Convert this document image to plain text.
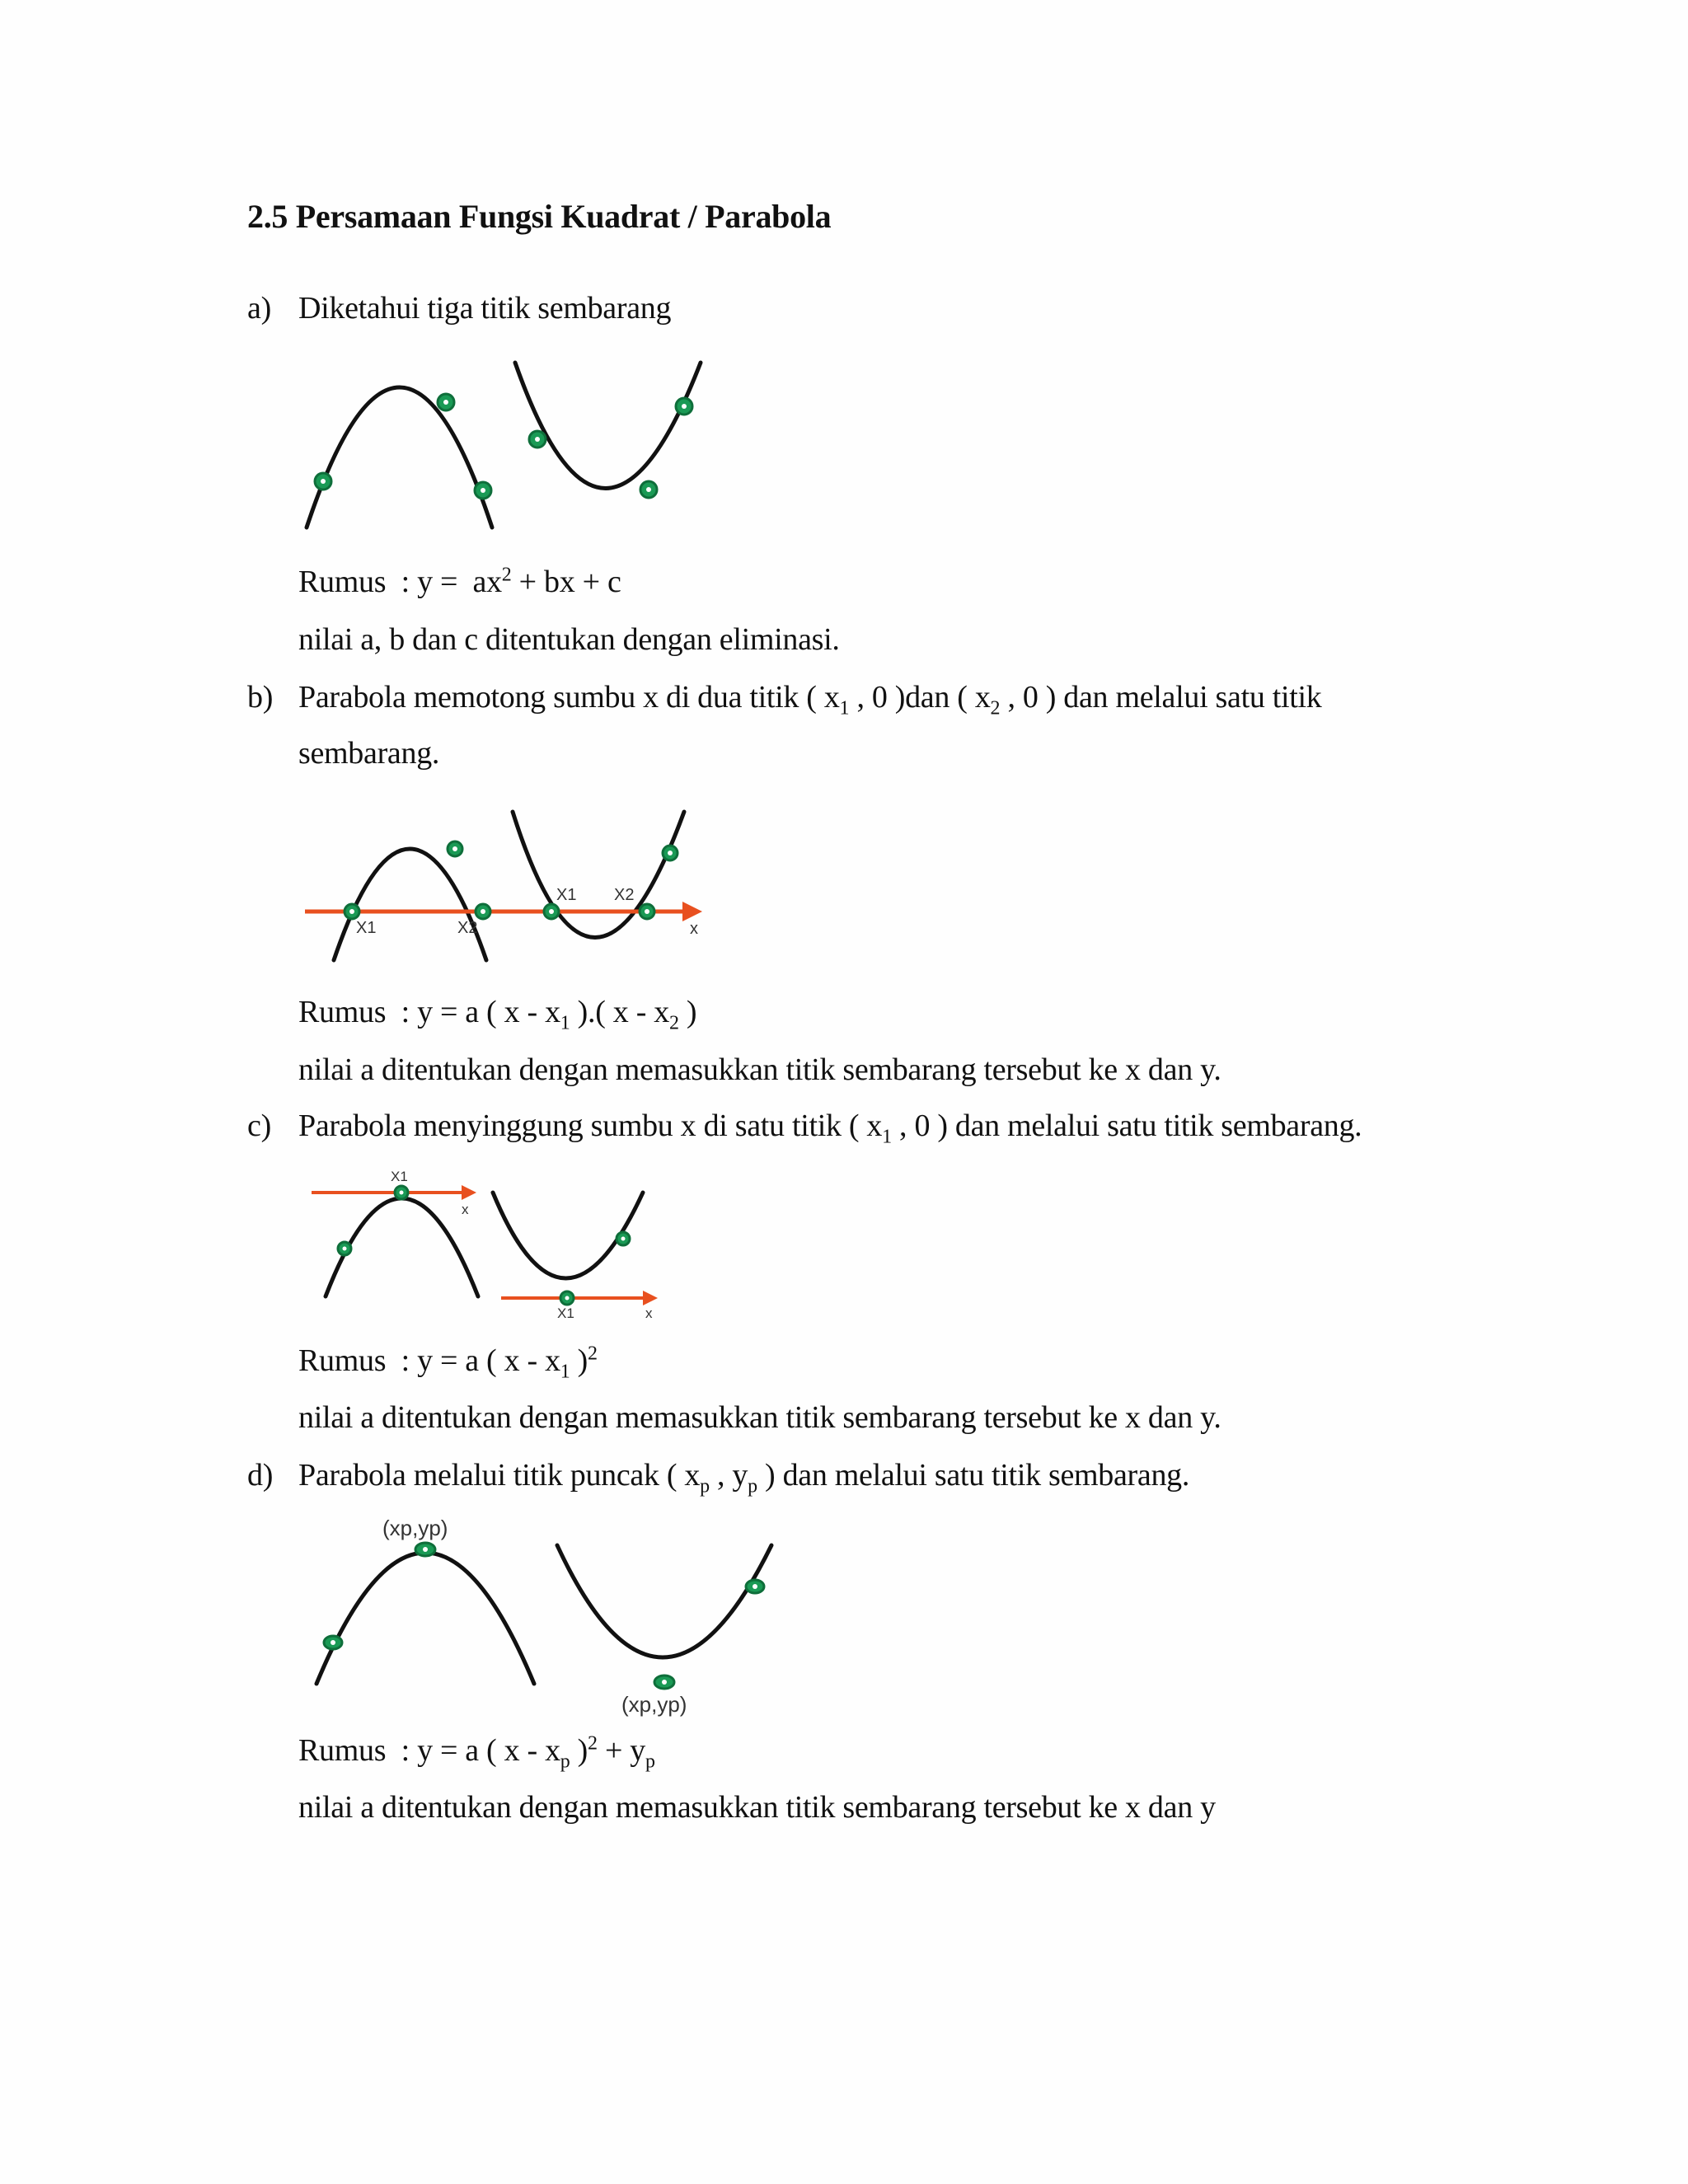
2.5 Persamaan Fungsi Kuadrat / Parabola
a) Diketahui tiga titik sembarang
Rumus  : $y = ax^2$ + bx + c
nilai a, b dan c ditentukan dengan eliminasi.
b) Parabola memotong sumbu x di dua titik ( $x_1$ , 0 )dan ( $x_2$ , 0 ) dan melalui satu titik
sembarang.
X1	X2
X1 X2
x
Rumus  : y = a ( x - $x_1$ ).( x - $x_2$ )
nilai a ditentukan dengan memasukkan titik sembarang tersebut ke x dan y.
c) Parabola menyinggung sumbu x di satu titik ( $x_1$ , 0 ) dan melalui satu titik sembarang.
X1
x
X1	x
Rumus  : y = a ( x - $x_1$ )$^2$
nilai a ditentukan dengan memasukkan titik sembarang tersebut ke x dan y.
d) Parabola melalui titik puncak ( $x_p$ , $y_p$ ) dan melalui satu titik sembarang.
(xp,yp)
(xp,yp)
Rumus  : y = a ( x - $x_p$ )$^2 + y_p$
nilai a ditentukan dengan memasukkan titik sembarang tersebut ke x dan y
